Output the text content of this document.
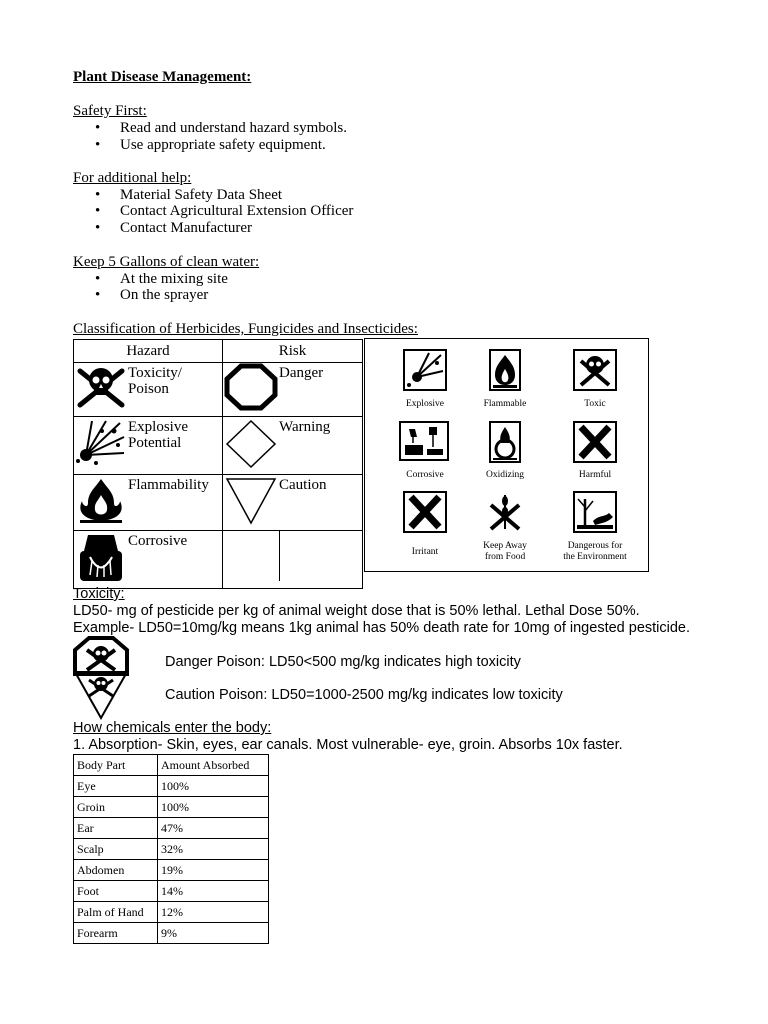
Plant Disease Management:
Safety First:
• Read and understand hazard symbols.
• Use appropriate safety equipment.
For additional help:
• Material Safety Data Sheet
• Contact Agricultural Extension Officer
• Contact Manufacturer
Keep 5 Gallons of clean water:
• At the mixing site
• On the sprayer
Classification of Herbicides, Fungicides and Insecticides:
Hazard	Risk
Toxicity/
Poison	Danger
Explosive
Potential	Warning
Flammability	Caution
Corrosive	
Explosive	Flammable	Toxic
Corrosive	Oxidizing	Harmful
Irritant
Keep Away
from Food
Dangerous for
the Environment
Toxicity:
LD50- mg of pesticide per kg of animal weight dose that is 50% lethal. Lethal Dose 50%.
Example- LD50=10mg/kg means 1kg animal has 50% death rate for 10mg of ingested pesticide.
Danger Poison: LD50<500 mg/kg indicates high toxicity
Caution Poison: LD50=1000-2500 mg/kg indicates low toxicity
How chemicals enter the body:
1. Absorption- Skin, eyes, ear canals. Most vulnerable- eye, groin. Absorbs 10x faster.
Body Part	Amount Absorbed
Eye	100%
Groin	100%
Ear	47%
Scalp	32%
Abdomen	19%
Foot	14%
Palm of Hand	12%
Forearm	9%
